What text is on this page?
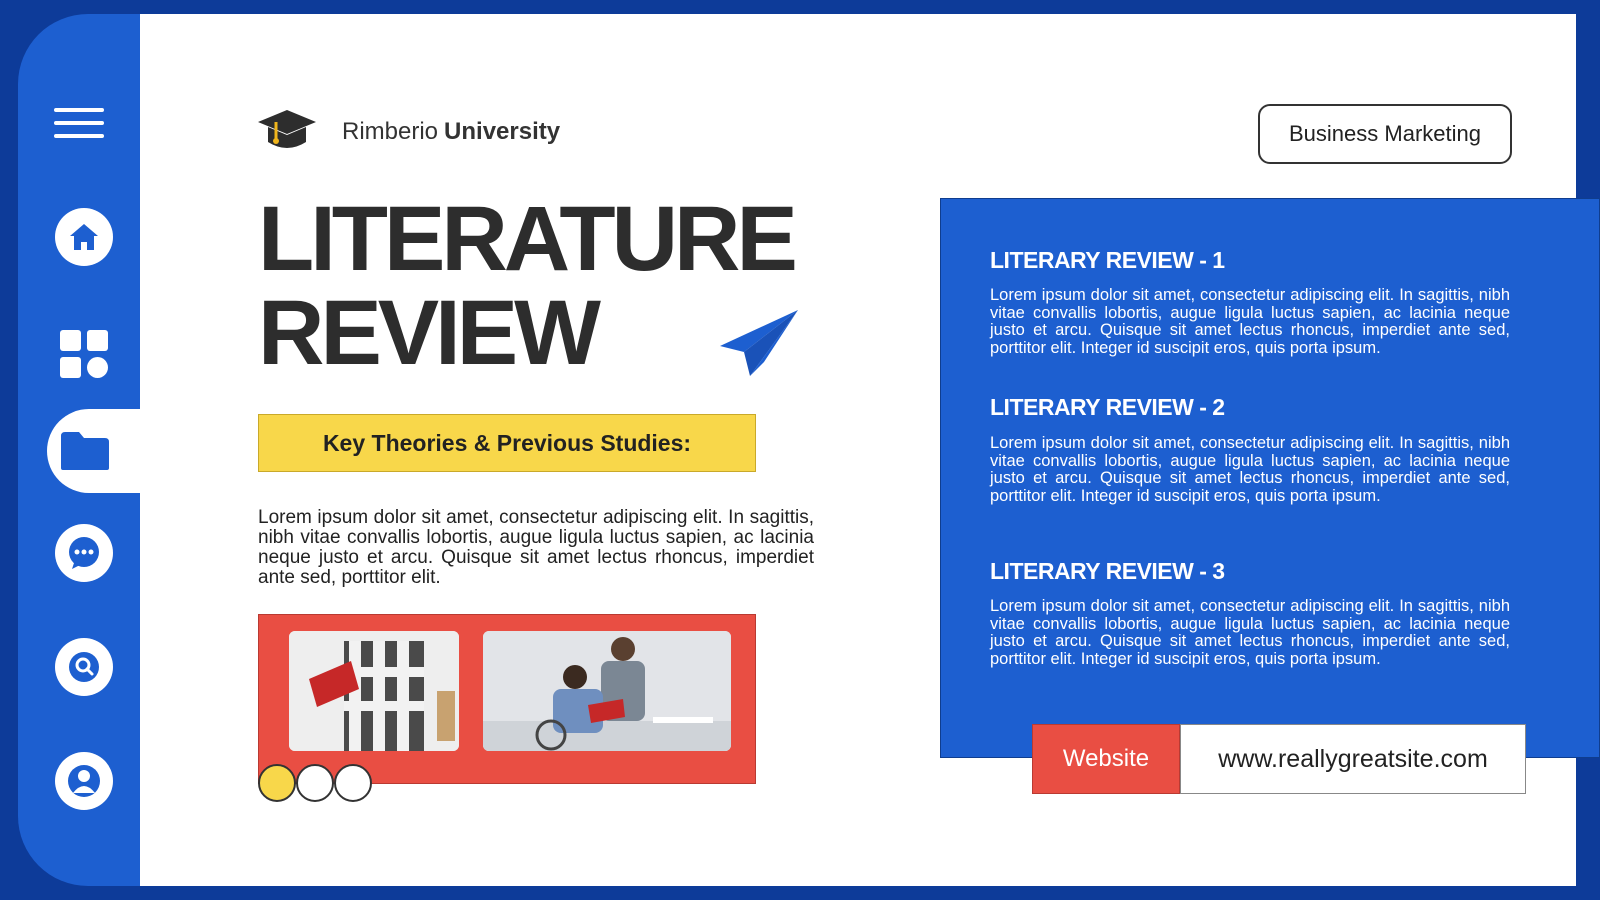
Rimberio University	Business Marketing
LITERATURE
REVIEW
Key Theories & Previous Studies:
Lorem ipsum dolor sit amet, consectetur adipiscing elit. In sagittis, nibh vitae convallis lobortis, augue ligula luctus sapien, ac lacinia neque justo et arcu. Quisque sit amet lectus rhoncus, imperdiet ante sed, porttitor elit.
LITERARY REVIEW - 1
Lorem ipsum dolor sit amet, consectetur adipiscing elit. In sagittis, nibh vitae convallis lobortis, augue ligula luctus sapien, ac lacinia neque justo et arcu. Quisque sit amet lectus rhoncus, imperdiet ante sed, porttitor elit. Integer id suscipit eros, quis porta ipsum.
LITERARY REVIEW - 2
Lorem ipsum dolor sit amet, consectetur adipiscing elit. In sagittis, nibh vitae convallis lobortis, augue ligula luctus sapien, ac lacinia neque justo et arcu. Quisque sit amet lectus rhoncus, imperdiet ante sed, porttitor elit. Integer id suscipit eros, quis porta ipsum.
LITERARY REVIEW - 3
Lorem ipsum dolor sit amet, consectetur adipiscing elit. In sagittis, nibh vitae convallis lobortis, augue ligula luctus sapien, ac lacinia neque justo et arcu. Quisque sit amet lectus rhoncus, imperdiet ante sed, porttitor elit. Integer id suscipit eros, quis porta ipsum.
Website	www.reallygreatsite.com
